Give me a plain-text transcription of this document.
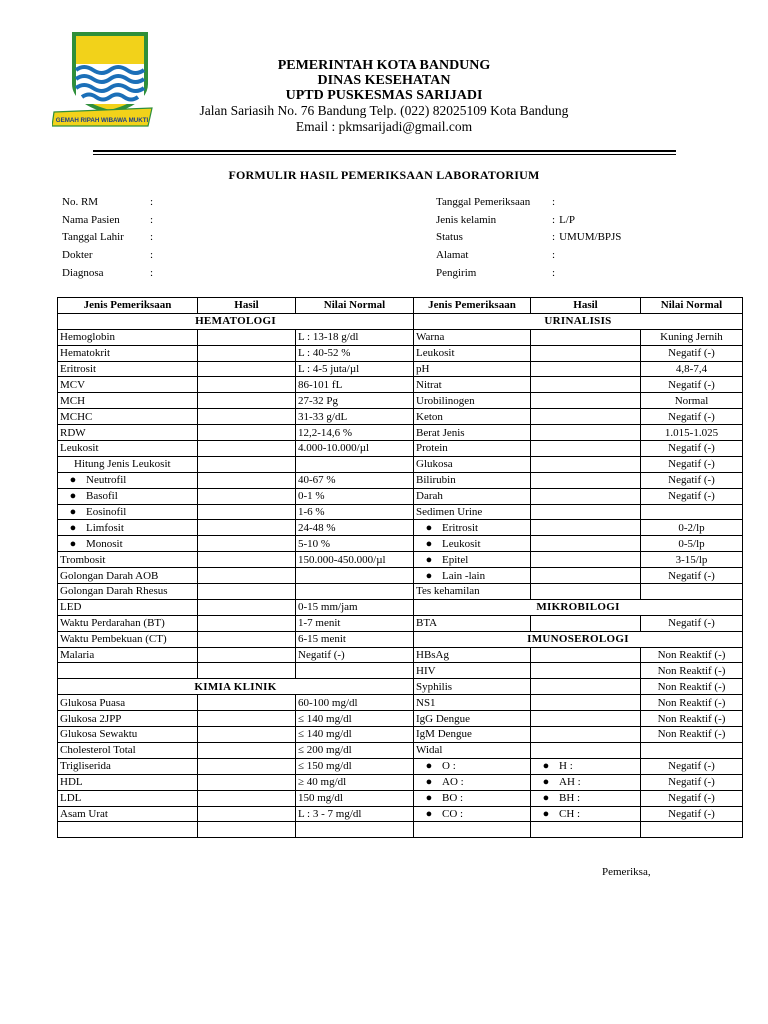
GEMAH RIPAH WIBAWA MUKTI
PEMERINTAH KOTA BANDUNG
DINAS KESEHATAN
UPTD PUSKESMAS SARIJADI
Jalan Sariasih No. 76 Bandung Telp. (022) 82025109 Kota Bandung
Email : pkmsarijadi@gmail.com
FORMULIR HASIL PEMERIKSAAN LABORATORIUM
No. RM	:
Nama Pasien	:
Tanggal Lahir	:
Dokter	:
Diagnosa	:
Tanggal Pemeriksaan	:
Jenis kelamin	: L/P
Status	: UMUM/BPJS
Alamat	:
Pengirim	:
Jenis Pemeriksaan	Hasil	Nilai Normal	Jenis Pemeriksaan	Hasil	Nilai Normal
HEMATOLOGI			URINALISIS		
Hemoglobin		L : 13-18 g/dl	Warna		Kuning Jernih
Hematokrit		L : 40-52 %	Leukosit		Negatif (-)
Eritrosit		L : 4-5 juta/µl	pH		4,8-7,4
MCV		86-101 fL	Nitrat		Negatif (-)
MCH		27-32 Pg	Urobilinogen		Normal
MCHC		31-33 g/dL	Keton		Negatif (-)
RDW		12,2-14,6 %	Berat Jenis		1.015-1.025
Leukosit		4.000-10.000/µl	Protein		Negatif (-)
Hitung Jenis Leukosit			Glukosa		Negatif (-)
● Neutrofil		40-67 %	Bilirubin		Negatif (-)
● Basofil		0-1 %	Darah		Negatif (-)
● Eosinofil		1-6 %	Sedimen Urine		
● Limfosit		24-48 %	● Eritrosit		0-2/lp
● Monosit		5-10 %	● Leukosit		0-5/lp
Trombosit		150.000-450.000/µl	● Epitel		3-15/lp
Golongan Darah AOB			● Lain -lain		Negatif (-)
Golongan Darah Rhesus			Tes kehamilan		
LED		0-15 mm/jam	MIKROBILOGI		
Waktu Perdarahan (BT)		1-7 menit	BTA		Negatif (-)
Waktu Pembekuan (CT)		6-15 menit	IMUNOSEROLOGI		
Malaria		Negatif (-)	HBsAg		Non Reaktif (-)
			HIV		Non Reaktif (-)
KIMIA KLINIK			Syphilis		Non Reaktif (-)
Glukosa Puasa		60-100 mg/dl	NS1		Non Reaktif (-)
Glukosa 2JPP		≤ 140 mg/dl	IgG Dengue		Non Reaktif (-)
Glukosa Sewaktu		≤ 140 mg/dl	IgM Dengue		Non Reaktif (-)
Cholesterol Total		≤ 200 mg/dl	Widal		
Trigliserida		≤ 150 mg/dl	● O :	● H :	Negatif (-)
HDL		≥ 40 mg/dl	● AO :	● AH :	Negatif (-)
LDL		150 mg/dl	● BO :	● BH :	Negatif (-)
Asam Urat		L : 3 - 7 mg/dl	● CO :	● CH :	Negatif (-)

Pemeriksa,
